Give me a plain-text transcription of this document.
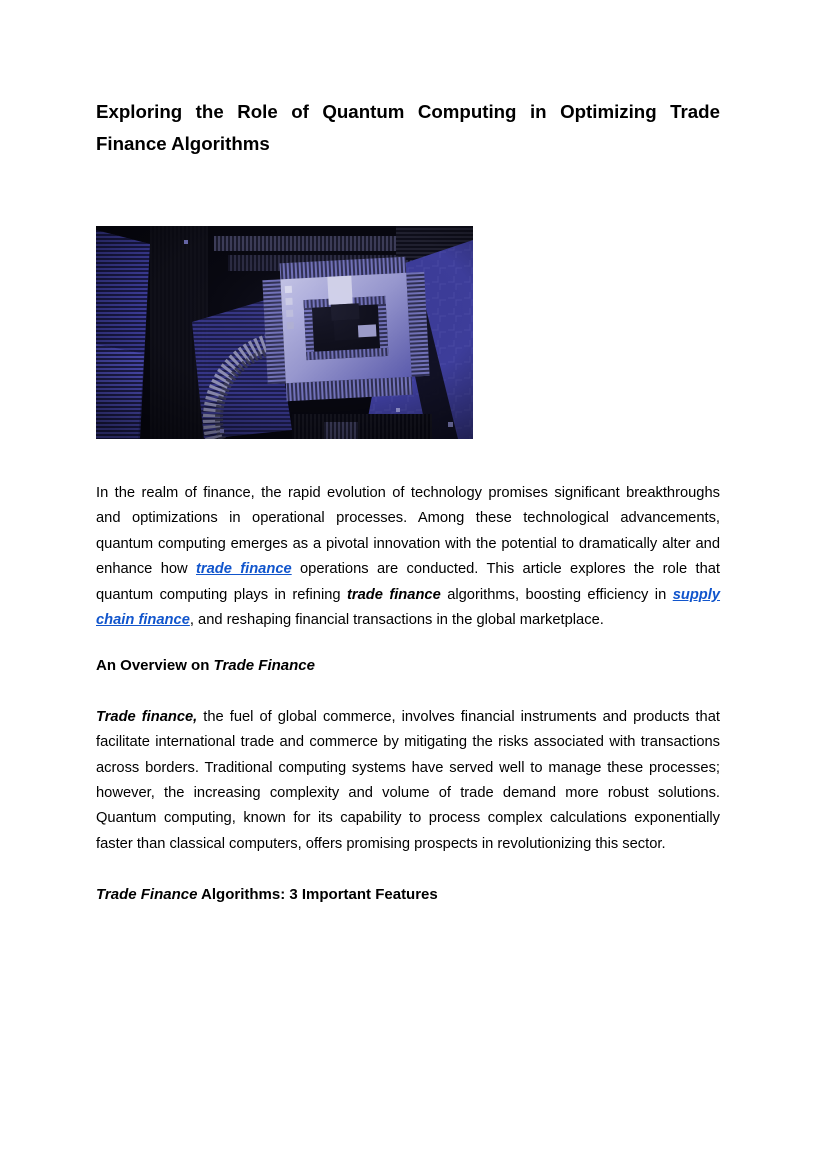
Exploring the Role of Quantum Computing in Optimizing Trade Finance Algorithms

In the realm of finance, the rapid evolution of technology promises significant breakthroughs and optimizations in operational processes. Among these technological advancements, quantum computing emerges as a pivotal innovation with the potential to dramatically alter and enhance how trade finance operations are conducted. This article explores the role that quantum computing plays in refining trade finance algorithms, boosting efficiency in supply chain finance, and reshaping financial transactions in the global marketplace.

An Overview on Trade Finance

Trade finance, the fuel of global commerce, involves financial instruments and products that facilitate international trade and commerce by mitigating the risks associated with transactions across borders. Traditional computing systems have served well to manage these processes; however, the increasing complexity and volume of trade demand more robust solutions. Quantum computing, known for its capability to process complex calculations exponentially faster than classical computers, offers promising prospects in revolutionizing this sector.

Trade Finance Algorithms: 3 Important Features
